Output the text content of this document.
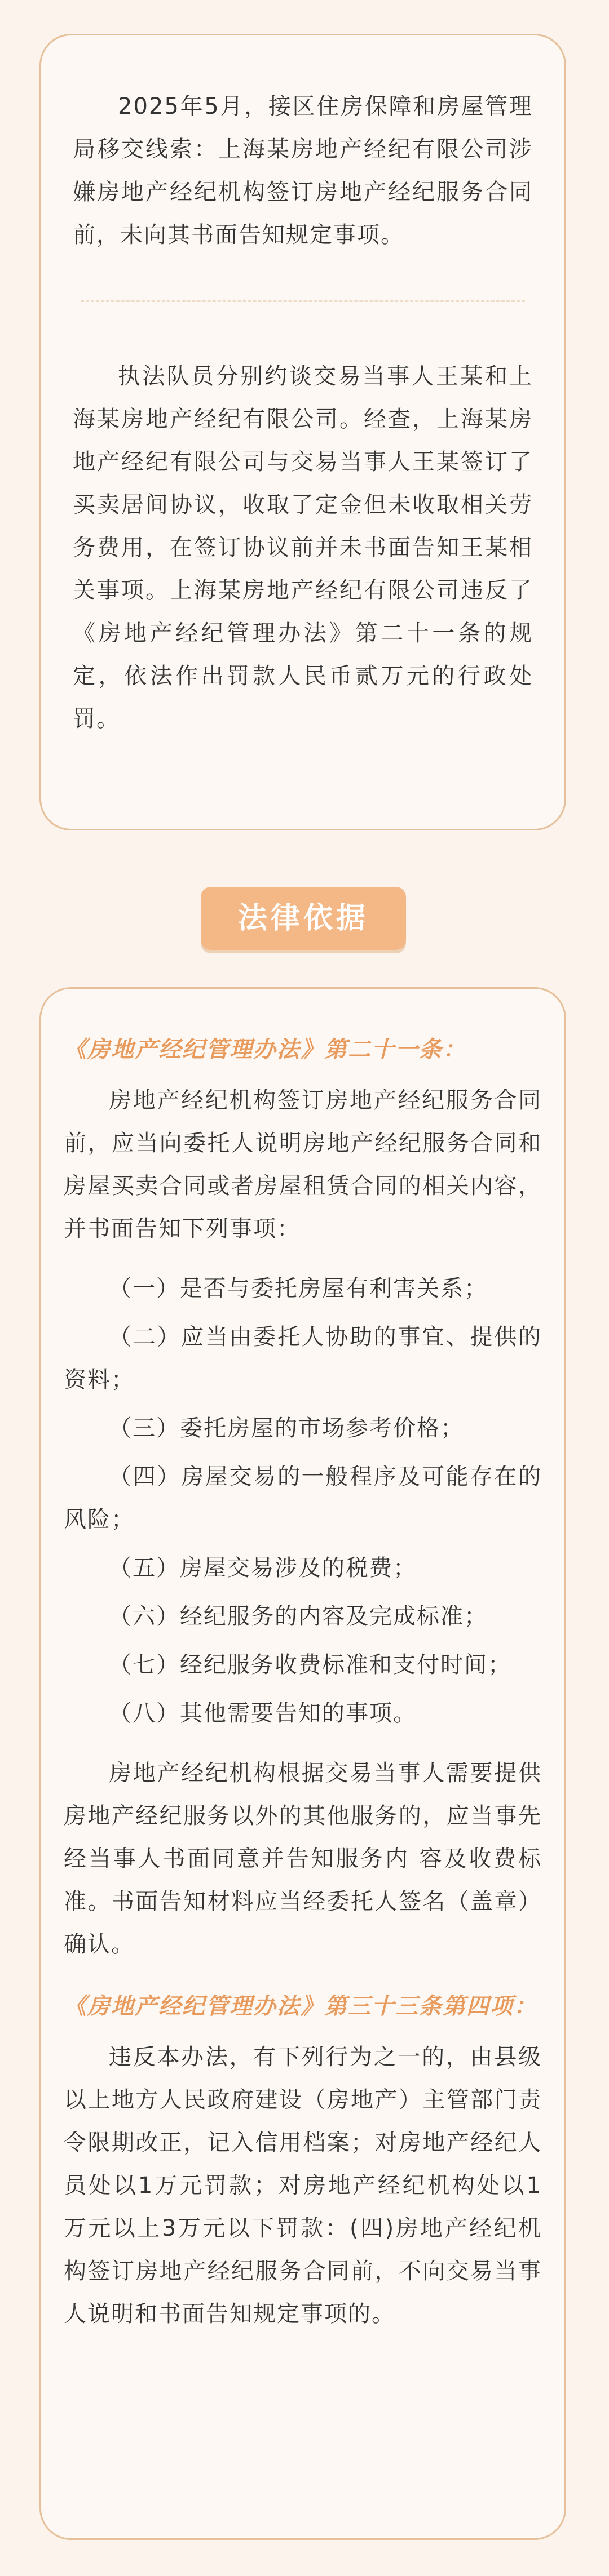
2025年5月，接区住房保障和房屋管理局移交线索：上海某房地产经纪有限公司涉嫌房地产经纪机构签订房地产经纪服务合同前，未向其书面告知规定事项。

执法队员分别约谈交易当事人王某和上海某房地产经纪有限公司。经查，上海某房地产经纪有限公司与交易当事人王某签订了买卖居间协议，收取了定金但未收取相关劳务费用，在签订协议前并未书面告知王某相关事项。上海某房地产经纪有限公司违反了《房地产经纪管理办法》第二十一条的规定，依法作出罚款人民币贰万元的行政处罚。

法律依据

《房地产经纪管理办法》第二十一条：

房地产经纪机构签订房地产经纪服务合同前，应当向委托人说明房地产经纪服务合同和房屋买卖合同或者房屋租赁合同的相关内容，并书面告知下列事项：

（一）是否与委托房屋有利害关系；
（二）应当由委托人协助的事宜、提供的资料；
（三）委托房屋的市场参考价格；
（四）房屋交易的一般程序及可能存在的风险；
（五）房屋交易涉及的税费；
（六）经纪服务的内容及完成标准；
（七）经纪服务收费标准和支付时间；
（八）其他需要告知的事项。

房地产经纪机构根据交易当事人需要提供房地产经纪服务以外的其他服务的，应当事先经当事人书面同意并告知服务内 容及收费标准。书面告知材料应当经委托人签名（盖章）确认。

《房地产经纪管理办法》第三十三条第四项：

违反本办法，有下列行为之一的，由县级以上地方人民政府建设（房地产）主管部门责令限期改正，记入信用档案；对房地产经纪人员处以1万元罚款；对房地产经纪机构处以1万元以上3万元以下罚款：(四)房地产经纪机构签订房地产经纪服务合同前，不向交易当事人说明和书面告知规定事项的。
